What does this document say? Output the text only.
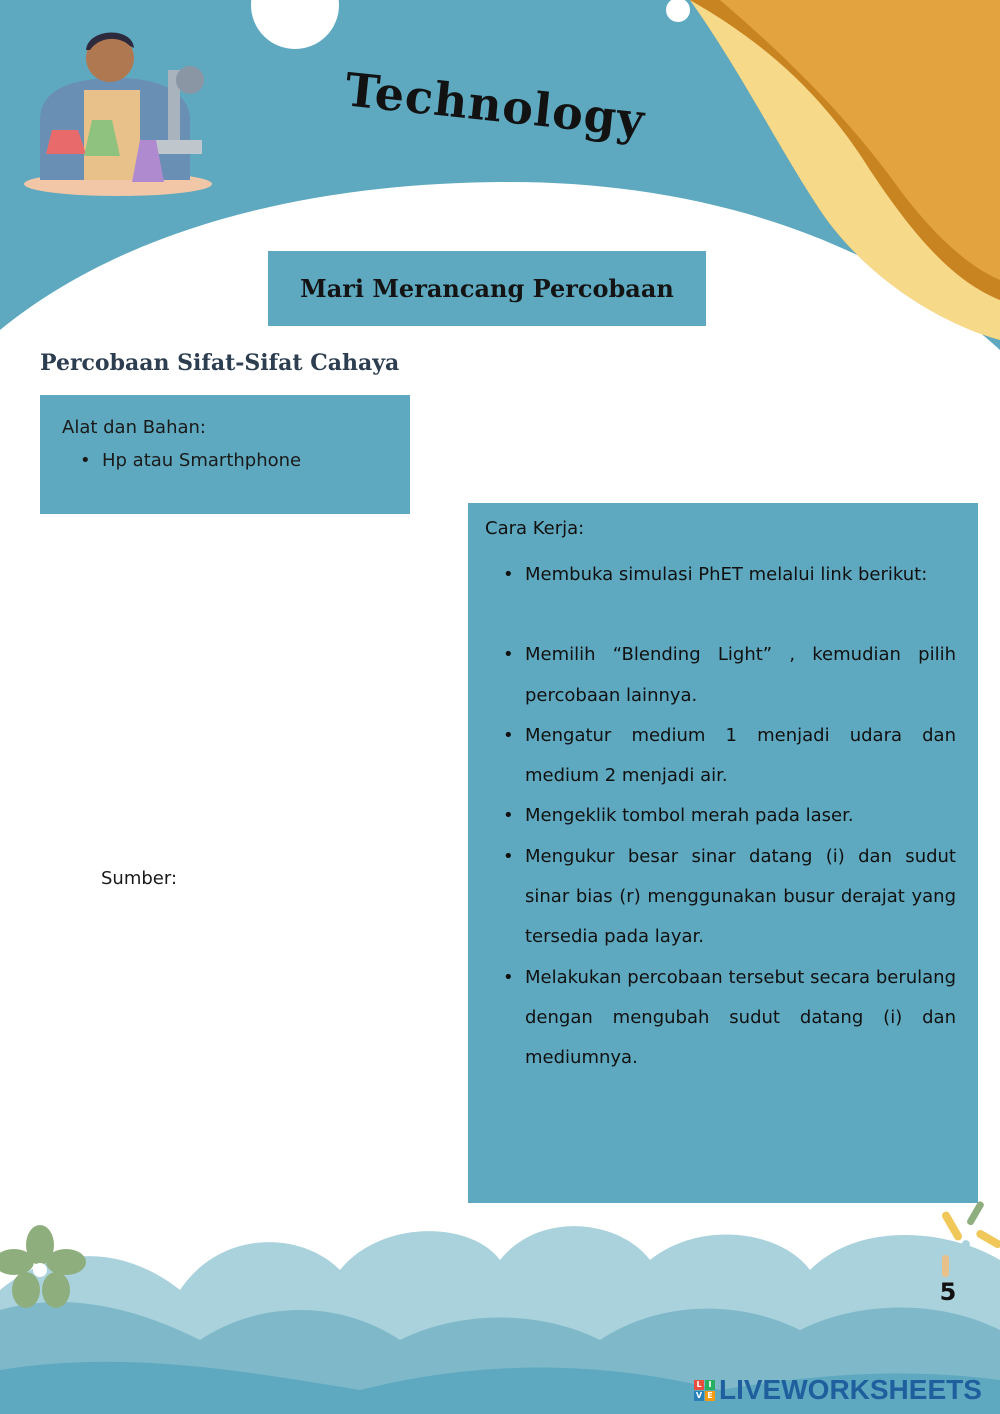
Technology
Mari Merancang Percobaan
Percobaan Sifat-Sifat Cahaya
Alat dan Bahan:
• Hp atau Smarthphone
Sumber:
Cara Kerja:
• Membuka simulasi PhET melalui link berikut:
• Memilih “Blending Light” , kemudian pilih percobaan lainnya.
• Mengatur medium 1 menjadi udara dan medium 2 menjadi air.
• Mengeklik tombol merah pada laser.
• Mengukur besar sinar datang (i) dan sudut sinar bias (r) menggunakan busur derajat yang tersedia pada layar.
• Melakukan percobaan tersebut secara berulang dengan mengubah sudut datang (i) dan mediumnya.
5
L I
V E LIVEWORKSHEETS
